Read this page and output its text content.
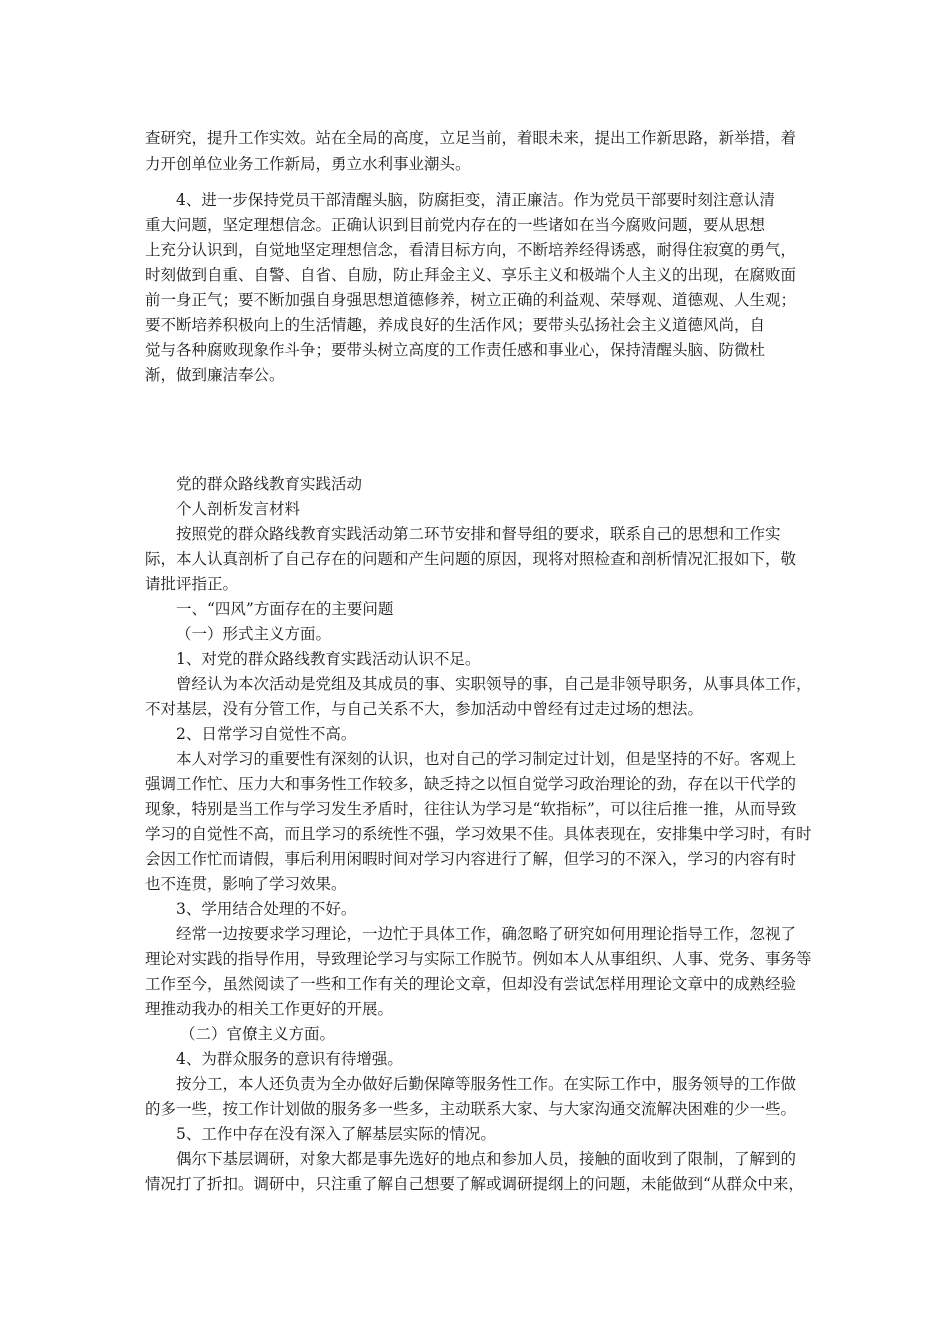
查研究，提升工作实效。站在全局的高度，立足当前，着眼未来，提出工作新思路，新举措，着
力开创单位业务工作新局，勇立水利事业潮头。
4、进一步保持党员干部清醒头脑，防腐拒变，清正廉洁。作为党员干部要时刻注意认清
重大问题，坚定理想信念。正确认识到目前党内存在的一些诸如在当今腐败问题，要从思想
上充分认识到，自觉地坚定理想信念，看清目标方向，不断培养经得诱惑，耐得住寂寞的勇气，
时刻做到自重、自警、自省、自励，防止拜金主义、享乐主义和极端个人主义的出现，在腐败面
前一身正气；要不断加强自身强思想道德修养，树立正确的利益观、荣辱观、道德观、人生观；
要不断培养积极向上的生活情趣，养成良好的生活作风；要带头弘扬社会主义道德风尚，自
觉与各种腐败现象作斗争；要带头树立高度的工作责任感和事业心，保持清醒头脑、防微杜
渐，做到廉洁奉公。
党的群众路线教育实践活动
个人剖析发言材料
按照党的群众路线教育实践活动第二环节安排和督导组的要求，联系自己的思想和工作实
际，本人认真剖析了自己存在的问题和产生问题的原因，现将对照检查和剖析情况汇报如下，敬
请批评指正。
一、“四风”方面存在的主要问题
（一）形式主义方面。
1、对党的群众路线教育实践活动认识不足。
曾经认为本次活动是党组及其成员的事、实职领导的事，自己是非领导职务，从事具体工作，
不对基层，没有分管工作，与自己关系不大，参加活动中曾经有过走过场的想法。
2、日常学习自觉性不高。
本人对学习的重要性有深刻的认识，也对自己的学习制定过计划，但是坚持的不好。客观上
强调工作忙、压力大和事务性工作较多，缺乏持之以恒自觉学习政治理论的劲，存在以干代学的
现象，特别是当工作与学习发生矛盾时，往往认为学习是“软指标”，可以往后推一推，从而导致
学习的自觉性不高，而且学习的系统性不强，学习效果不佳。具体表现在，安排集中学习时，有时
会因工作忙而请假，事后利用闲暇时间对学习内容进行了解，但学习的不深入，学习的内容有时
也不连贯，影响了学习效果。
3、学用结合处理的不好。
经常一边按要求学习理论，一边忙于具体工作，确忽略了研究如何用理论指导工作，忽视了
理论对实践的指导作用，导致理论学习与实际工作脱节。例如本人从事组织、人事、党务、事务等
工作至今，虽然阅读了一些和工作有关的理论文章，但却没有尝试怎样用理论文章中的成熟经验
理推动我办的相关工作更好的开展。
（二）官僚主义方面。
4、为群众服务的意识有待增强。
按分工，本人还负责为全办做好后勤保障等服务性工作。在实际工作中，服务领导的工作做
的多一些，按工作计划做的服务多一些多，主动联系大家、与大家沟通交流解决困难的少一些。
5、工作中存在没有深入了解基层实际的情况。
偶尔下基层调研，对象大都是事先选好的地点和参加人员，接触的面收到了限制，了解到的
情况打了折扣。调研中，只注重了解自己想要了解或调研提纲上的问题，未能做到“从群众中来，
